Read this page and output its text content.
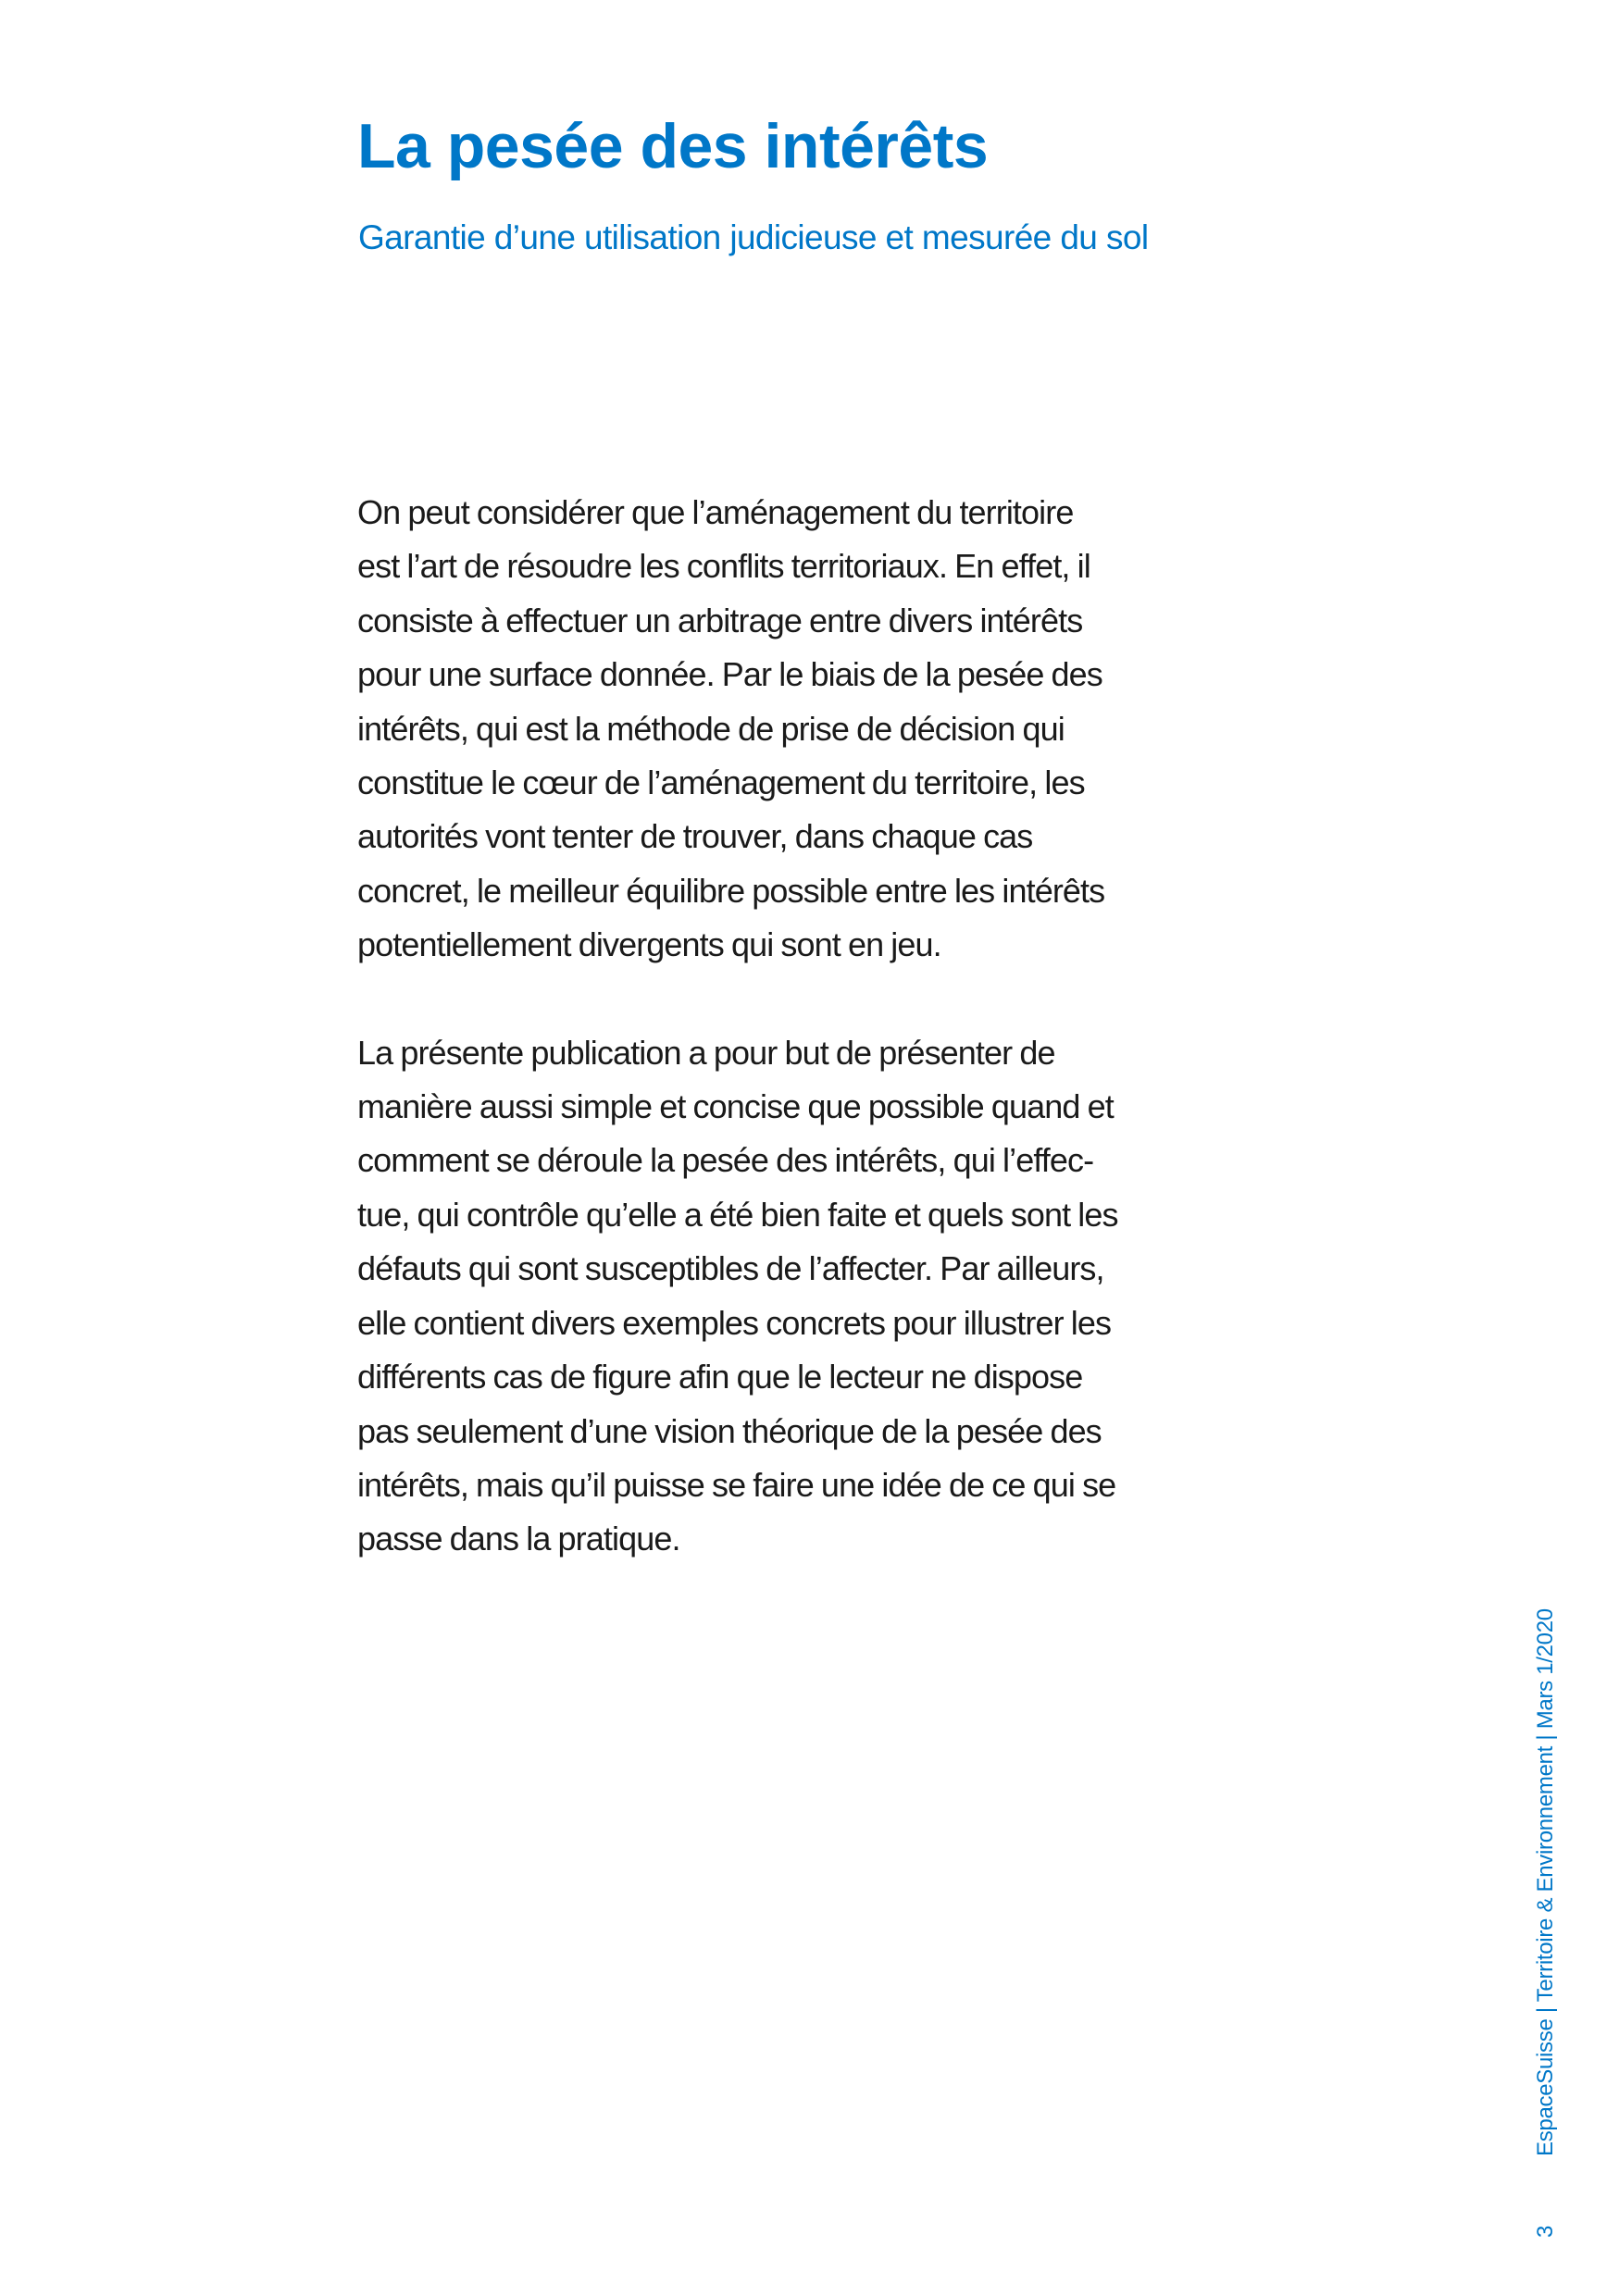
La pesée des intérêts
Garantie d’une utilisation judicieuse et mesurée du sol

On peut considérer que l’aménagement du territoire
est l’art de résoudre les conflits territoriaux. En effet, il
consiste à effectuer un arbitrage entre divers intérêts
pour une surface donnée. Par le biais de la pesée des
intérêts, qui est la méthode de prise de décision qui
constitue le cœur de l’aménagement du territoire, les
autorités vont tenter de trouver, dans chaque cas
concret, le meilleur équilibre possible entre les intérêts
potentiellement divergents qui sont en jeu.

La présente publication a pour but de présenter de
manière aussi simple et concise que possible quand et
comment se déroule la pesée des intérêts, qui l’effec-
tue, qui contrôle qu’elle a été bien faite et quels sont les
défauts qui sont susceptibles de l’affecter. Par ailleurs,
elle contient divers exemples concrets pour illustrer les
différents cas de figure afin que le lecteur ne dispose
pas seulement d’une vision théorique de la pesée des
intérêts, mais qu’il puisse se faire une idée de ce qui se
passe dans la pratique.

3
EspaceSuisse | Territoire & Environnement | Mars 1/2020
